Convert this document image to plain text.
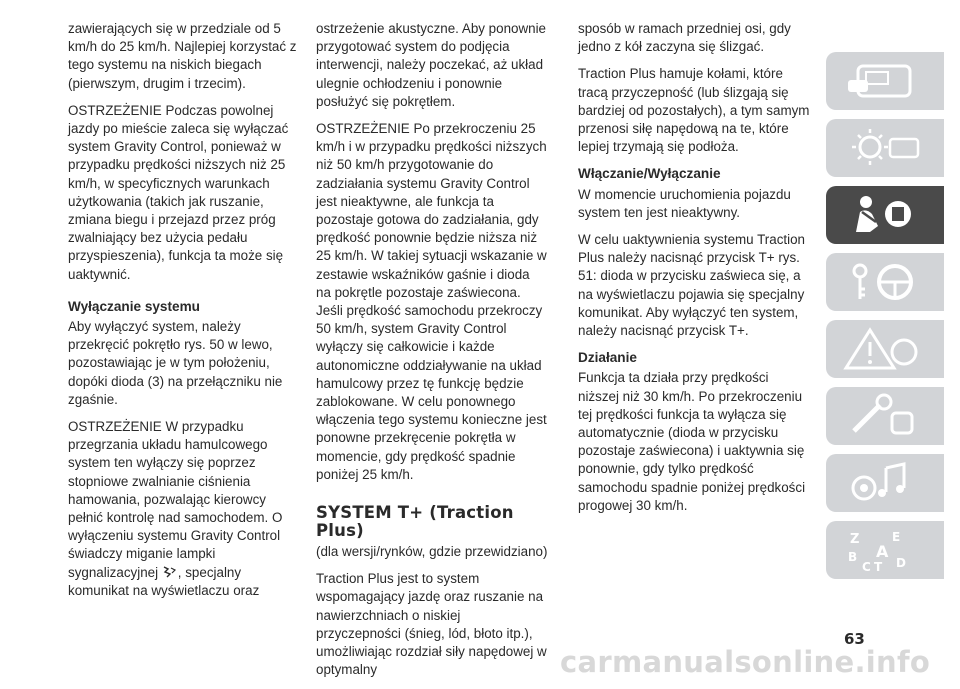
zawierających się w przedziale od 5 km/h do 25 km/h. Najlepiej korzystać z tego systemu na niskich biegach (pierwszym, drugim i trzecim).

OSTRZEŻENIE Podczas powolnej jazdy po mieście zaleca się wyłączać system Gravity Control, ponieważ w przypadku prędkości niższych niż 25 km/h, w specyficznych warunkach użytkowania (takich jak ruszanie, zmiana biegu i przejazd przez próg zwalniający bez użycia pedału przyspieszenia), funkcja ta może się uaktywnić.

Wyłączanie systemu

Aby wyłączyć system, należy przekręcić pokrętło rys. 50 w lewo, pozostawiając je w tym położeniu, dopóki dioda (3) na przełączniku nie zgaśnie.

OSTRZEŻENIE W przypadku przegrzania układu hamulcowego system ten wyłączy się poprzez stopniowe zwalnianie ciśnienia hamowania, pozwalając kierowcy pełnić kontrolę nad samochodem. O wyłączeniu systemu Gravity Control świadczy miganie lampki sygnalizacyjnej , specjalny komunikat na wyświetlaczu oraz

ostrzeżenie akustyczne. Aby ponownie przygotować system do podjęcia interwencji, należy poczekać, aż układ ulegnie ochłodzeniu i ponownie posłużyć się pokrętłem.

OSTRZEŻENIE Po przekroczeniu 25 km/h i w przypadku prędkości niższych niż 50 km/h przygotowanie do zadziałania systemu Gravity Control jest nieaktywne, ale funkcja ta pozostaje gotowa do zadziałania, gdy prędkość ponownie będzie niższa niż 25 km/h. W takiej sytuacji wskazanie w zestawie wskaźników gaśnie i dioda na pokrętle pozostaje zaświecona. Jeśli prędkość samochodu przekroczy 50 km/h, system Gravity Control wyłączy się całkowicie i każde autonomiczne oddziaływanie na układ hamulcowy przez tę funkcję będzie zablokowane. W celu ponownego włączenia tego systemu konieczne jest ponowne przekręcenie pokrętła w momencie, gdy prędkość spadnie poniżej 25 km/h.

SYSTEM T+ (Traction Plus)

(dla wersji/rynków, gdzie przewidziano)

Traction Plus jest to system wspomagający jazdę oraz ruszanie na nawierzchniach o niskiej przyczepności (śnieg, lód, błoto itp.), umożliwiając rozdział siły napędowej w optymalny

sposób w ramach przedniej osi, gdy jedno z kół zaczyna się ślizgać.

Traction Plus hamuje kołami, które tracą przyczepność (lub ślizgają się bardziej od pozostałych), a tym samym przenosi siłę napędową na te, które lepiej trzymają się podłoża.

Włączanie/Wyłączanie

W momencie uruchomienia pojazdu system ten jest nieaktywny.

W celu uaktywnienia systemu Traction Plus należy nacisnąć przycisk T+ rys. 51: dioda w przycisku zaświeca się, a na wyświetlaczu pojawia się specjalny komunikat. Aby wyłączyć ten system, należy nacisnąć przycisk T+.

Działanie

Funkcja ta działa przy prędkości niższej niż 30 km/h. Po przekroczeniu tej prędkości funkcja ta wyłącza się automatycznie (dioda w przycisku pozostaje zaświecona) i uaktywnia się ponownie, gdy tylko prędkość samochodu spadnie poniżej prędkości progowej 30 km/h.

Z	E
B A
C T D
63
carmanualsonline.info
